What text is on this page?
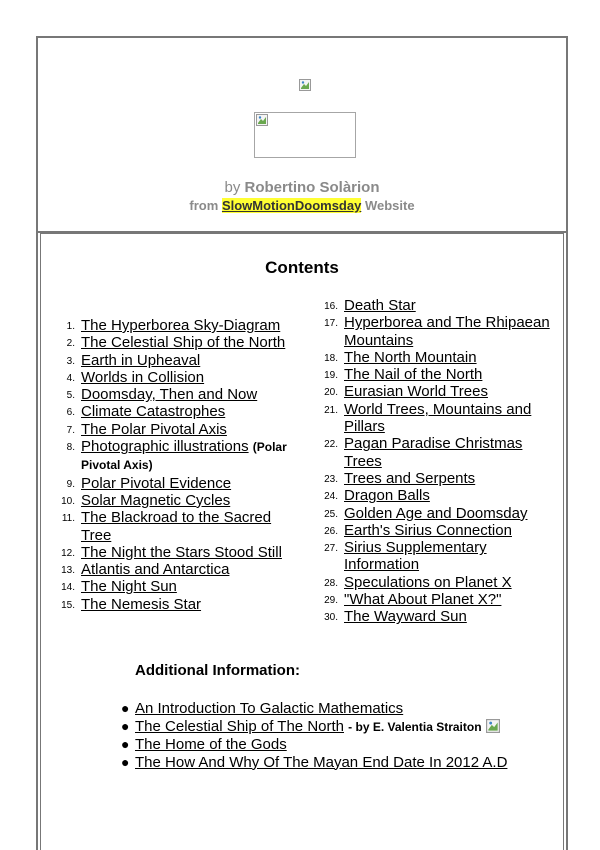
by Robertino Solàrion
from SlowMotionDoomsday Website
Contents
1. The Hyperborea Sky-Diagram
2. The Celestial Ship of the North
3. Earth in Upheaval
4. Worlds in Collision
5. Doomsday, Then and Now
6. Climate Catastrophes
7. The Polar Pivotal Axis
8. Photographic illustrations (Polar Pivotal Axis)
9. Polar Pivotal Evidence
10. Solar Magnetic Cycles
11. The Blackroad to the Sacred Tree
12. The Night the Stars Stood Still
13. Atlantis and Antarctica
14. The Night Sun
15. The Nemesis Star
16. Death Star
17. Hyperborea and The Rhipaean Mountains
18. The North Mountain
19. The Nail of the North
20. Eurasian World Trees
21. World Trees, Mountains and Pillars
22. Pagan Paradise Christmas Trees
23. Trees and Serpents
24. Dragon Balls
25. Golden Age and Doomsday
26. Earth's Sirius Connection
27. Sirius Supplementary Information
28. Speculations on Planet X
29. "What About Planet X?"
30. The Wayward Sun
Additional Information:
● An Introduction To Galactic Mathematics
● The Celestial Ship of The North - by E. Valentia Straiton
● The Home of the Gods
● The How And Why Of The Mayan End Date In 2012 A.D
